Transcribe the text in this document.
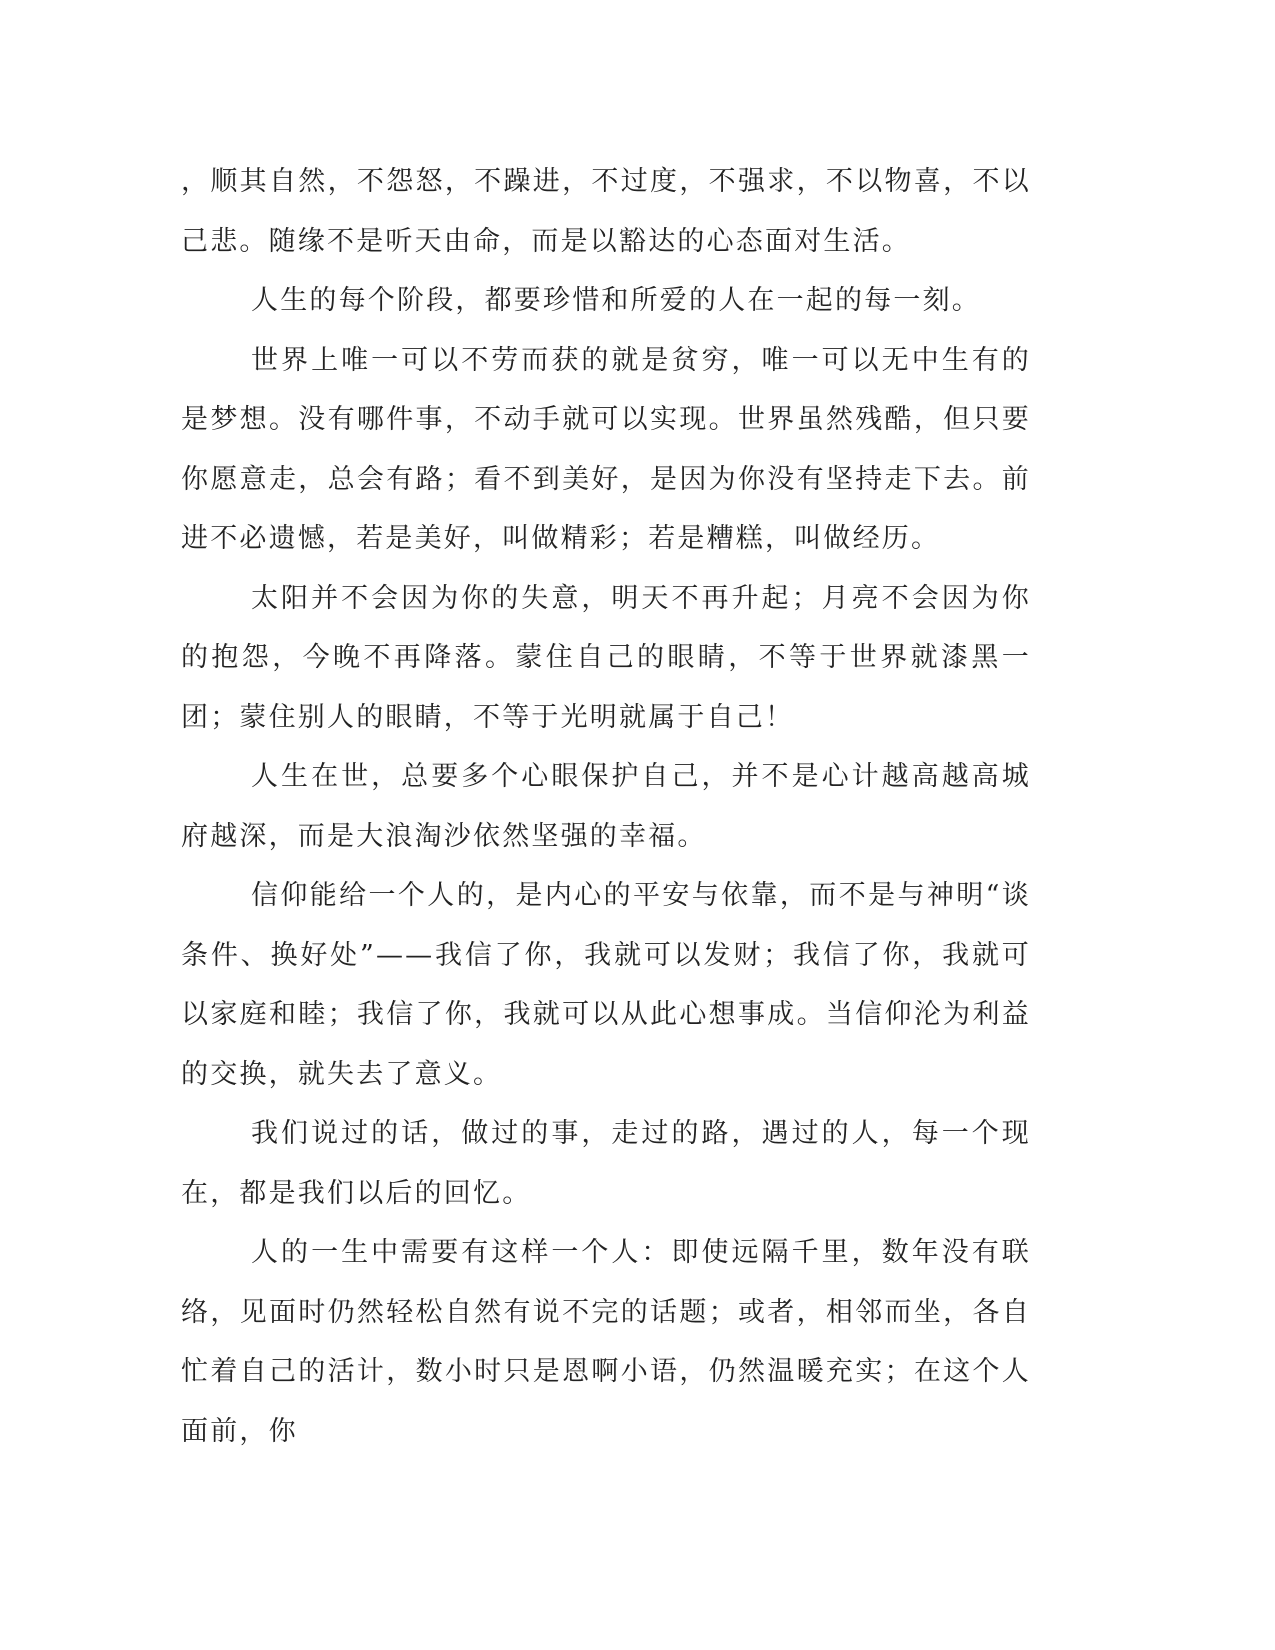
，顺其自然，不怨怒，不躁进，不过度，不强求，不以物喜，不以己悲。随缘不是听天由命，而是以豁达的心态面对生活。

人生的每个阶段，都要珍惜和所爱的人在一起的每一刻。

世界上唯一可以不劳而获的就是贫穷，唯一可以无中生有的是梦想。没有哪件事，不动手就可以实现。世界虽然残酷，但只要你愿意走，总会有路；看不到美好，是因为你没有坚持走下去。前进不必遗憾，若是美好，叫做精彩；若是糟糕，叫做经历。

太阳并不会因为你的失意，明天不再升起；月亮不会因为你的抱怨，今晚不再降落。蒙住自己的眼睛，不等于世界就漆黑一团；蒙住别人的眼睛，不等于光明就属于自己！

人生在世，总要多个心眼保护自己，并不是心计越高越高城府越深，而是大浪淘沙依然坚强的幸福。

信仰能给一个人的，是内心的平安与依靠，而不是与神明“谈条件、换好处”——我信了你，我就可以发财；我信了你，我就可以家庭和睦；我信了你，我就可以从此心想事成。当信仰沦为利益的交换，就失去了意义。

我们说过的话，做过的事，走过的路，遇过的人，每一个现在，都是我们以后的回忆。

人的一生中需要有这样一个人：即使远隔千里，数年没有联络，见面时仍然轻松自然有说不完的话题；或者，相邻而坐，各自忙着自己的活计，数小时只是恩啊小语，仍然温暖充实；在这个人面前，你
